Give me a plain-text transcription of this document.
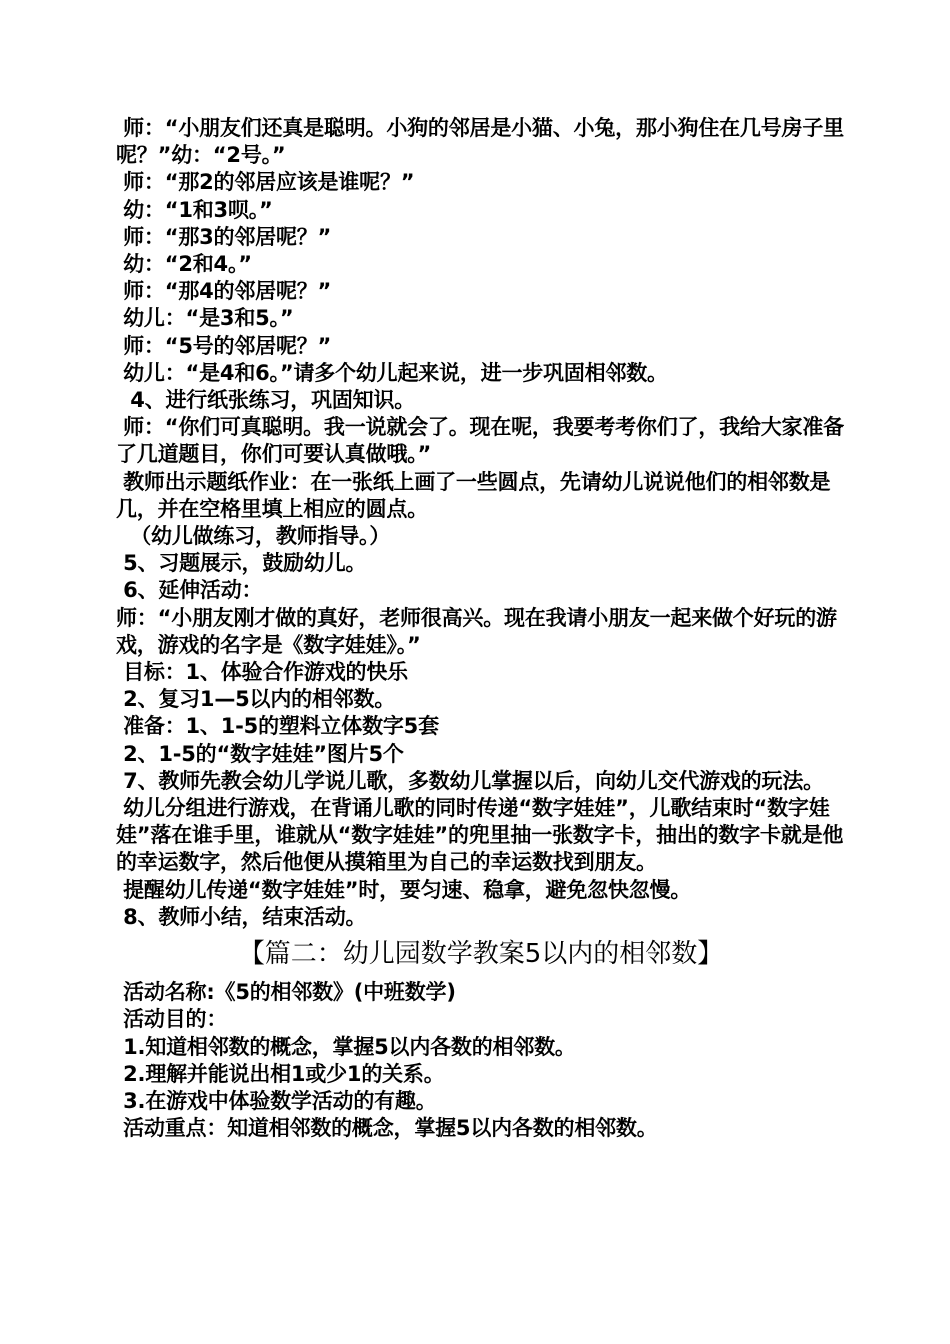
师：“小朋友们还真是聪明。小狗的邻居是小猫、小兔，那小狗住在几号房子里呢？”幼：“2号。”

师：“那2的邻居应该是谁呢？”

幼：“1和3呗。”

师：“那3的邻居呢？”

幼：“2和4。”

师：“那4的邻居呢？”

幼儿：“是3和5。”

师：“5号的邻居呢？”

幼儿：“是4和6。”请多个幼儿起来说，进一步巩固相邻数。

4、进行纸张练习，巩固知识。

师：“你们可真聪明。我一说就会了。现在呢，我要考考你们了，我给大家准备了几道题目，你们可要认真做哦。”

教师出示题纸作业：在一张纸上画了一些圆点，先请幼儿说说他们的相邻数是几，并在空格里填上相应的圆点。

（幼儿做练习，教师指导。）

5、习题展示，鼓励幼儿。

6、延伸活动：

师：“小朋友刚才做的真好，老师很高兴。现在我请小朋友一起来做个好玩的游戏，游戏的名字是《数字娃娃》。”

目标：1、体验合作游戏的快乐

2、复习1—5以内的相邻数。

准备：1、1-5的塑料立体数字5套

2、1-5的“数字娃娃”图片5个

7、教师先教会幼儿学说儿歌，多数幼儿掌握以后，向幼儿交代游戏的玩法。

幼儿分组进行游戏，在背诵儿歌的同时传递“数字娃娃”，儿歌结束时“数字娃娃”落在谁手里，谁就从“数字娃娃”的兜里抽一张数字卡，抽出的数字卡就是他的幸运数字，然后他便从摸箱里为自己的幸运数找到朋友。

提醒幼儿传递“数字娃娃”时，要匀速、稳拿，避免忽快忽慢。

8、教师小结，结束活动。

【篇二：幼儿园数学教案5以内的相邻数】

活动名称:《5的相邻数》(中班数学)

活动目的：

1.知道相邻数的概念，掌握5以内各数的相邻数。

2.理解并能说出相1或少1的关系。

3.在游戏中体验数学活动的有趣。

活动重点：知道相邻数的概念，掌握5以内各数的相邻数。
